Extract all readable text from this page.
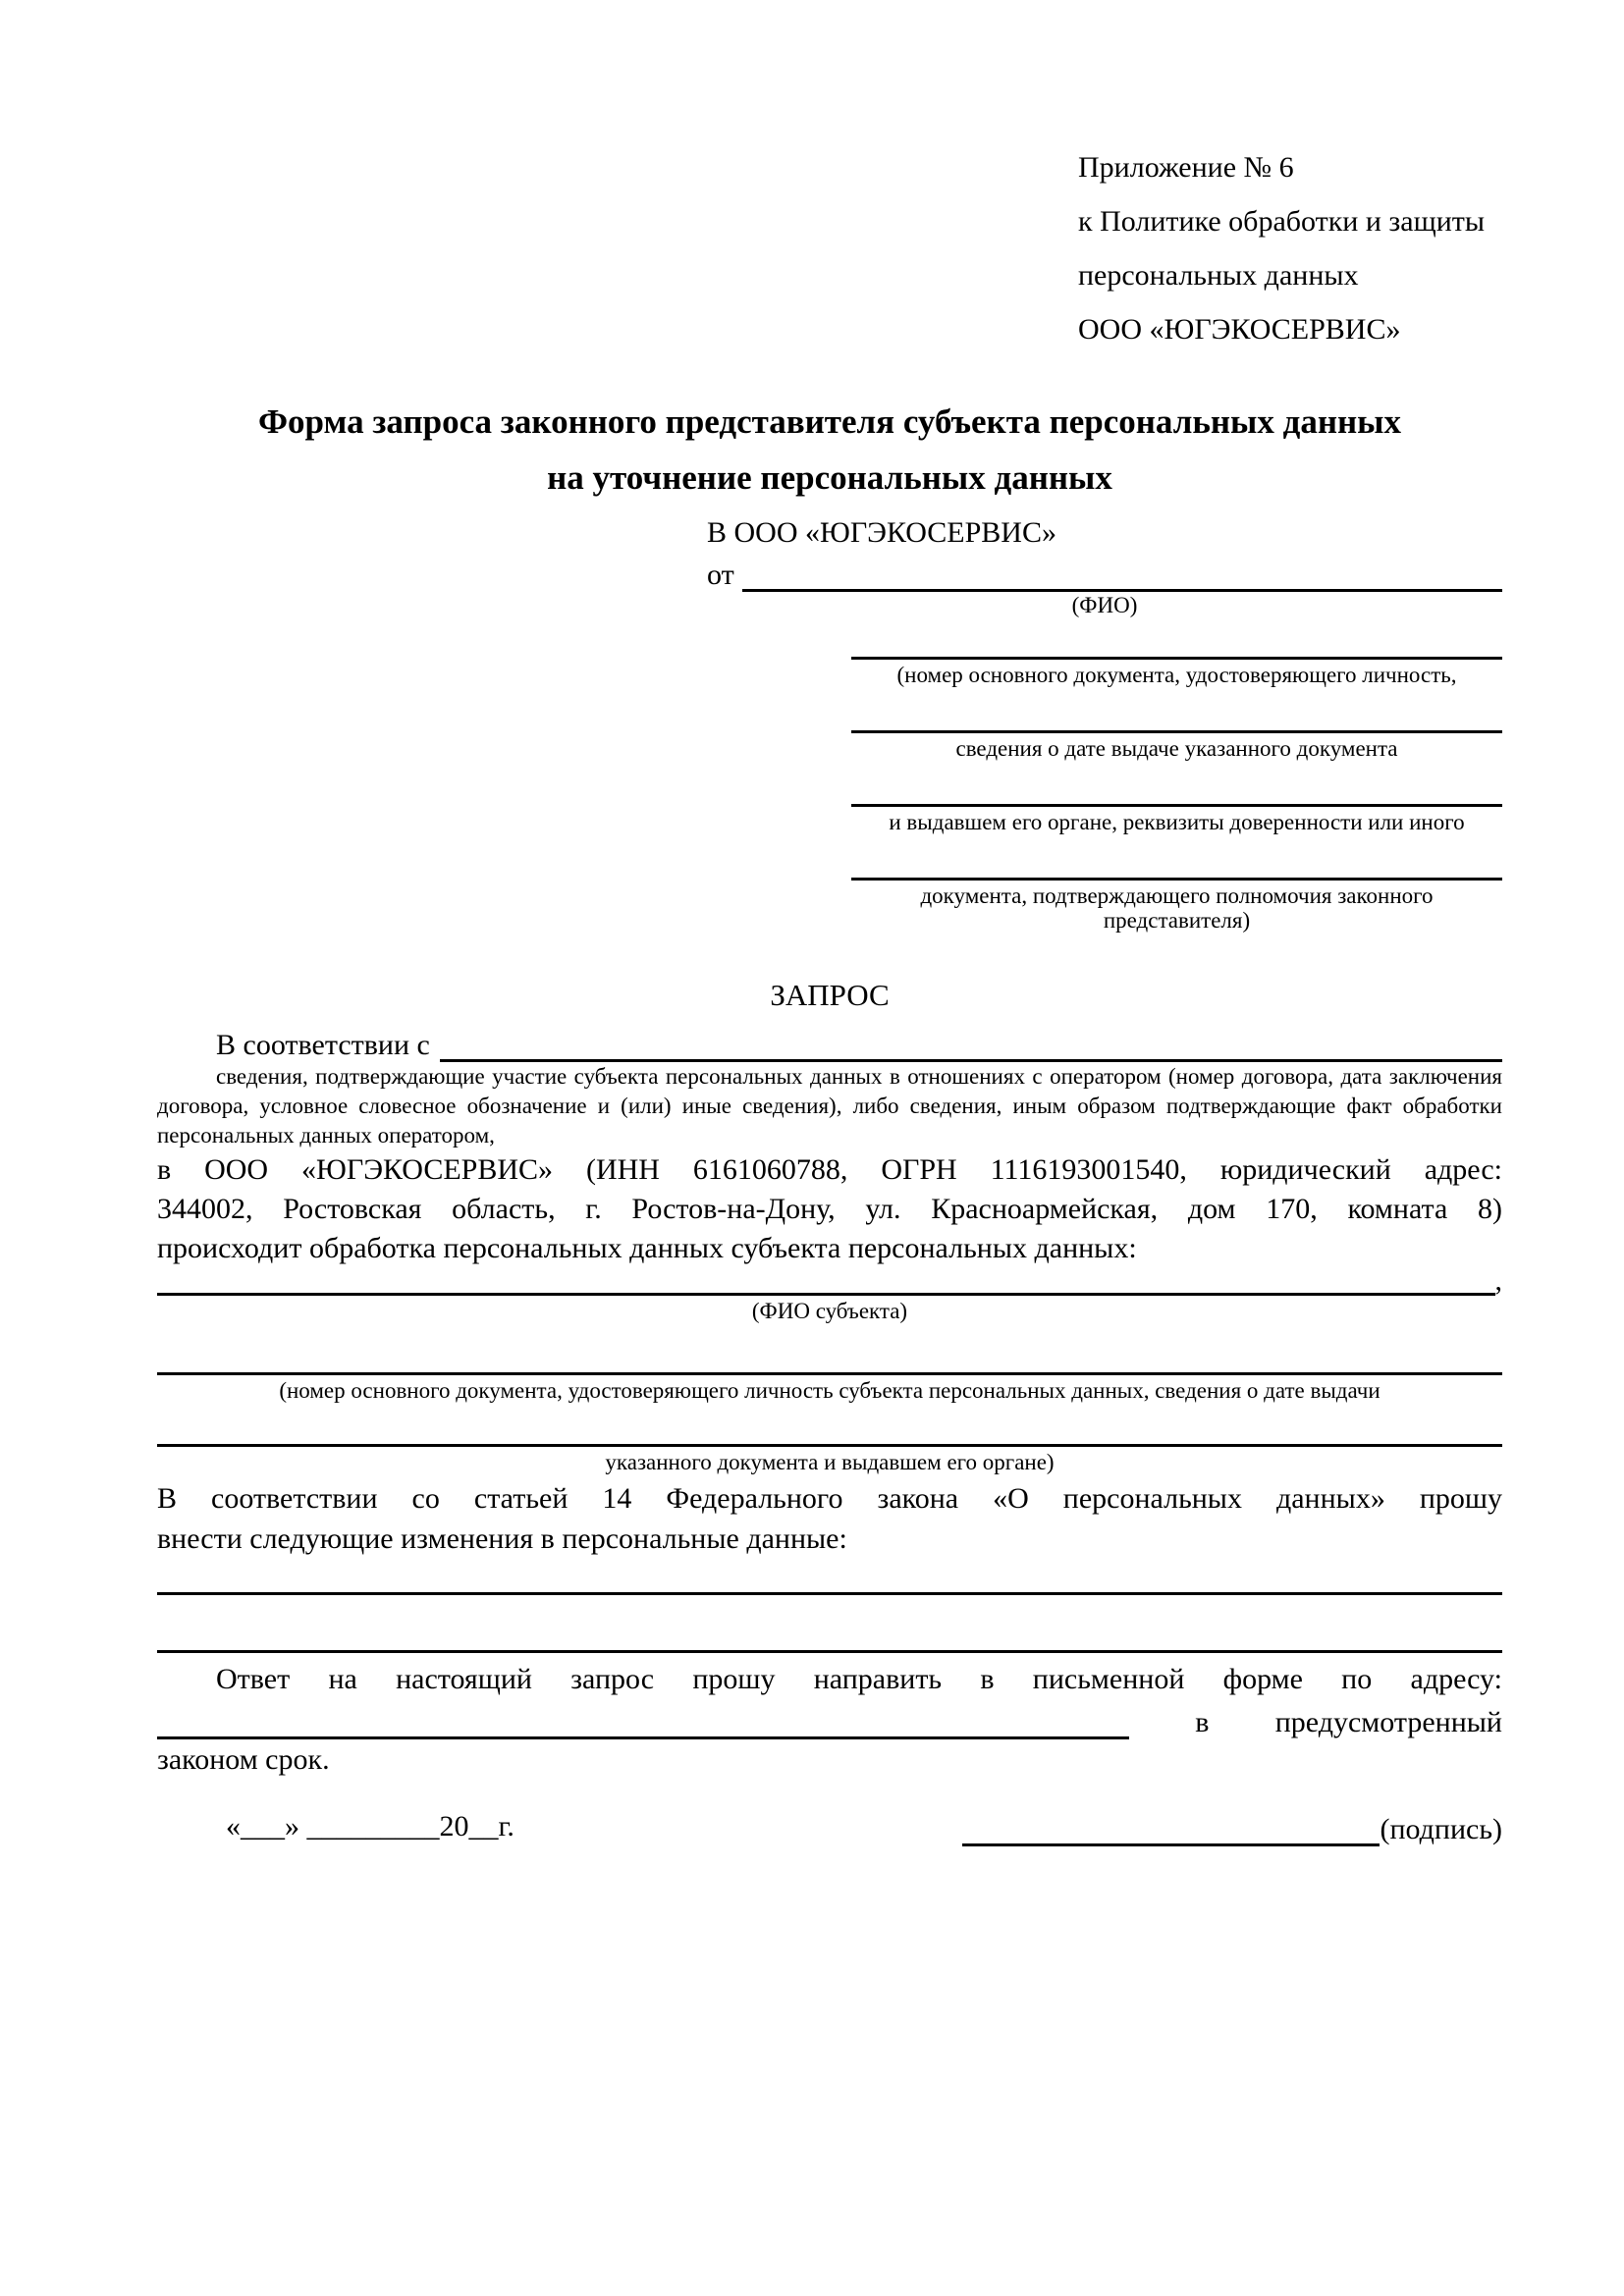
Приложение № 6
к Политике обработки и защиты
персональных данных
ООО «ЮГЭКОСЕРВИС»
Форма запроса законного представителя субъекта персональных данных
на уточнение персональных данных
В ООО «ЮГЭКОСЕРВИС»
от
(ФИО)
(номер основного документа, удостоверяющего личность,
сведения о дате выдаче указанного документа
и выдавшем его органе, реквизиты доверенности или иного
документа, подтверждающего полномочия законного представителя)
ЗАПРОС
В соответствии с
сведения, подтверждающие участие субъекта персональных данных в отношениях с оператором (номер договора, дата заключения договора, условное словесное обозначение и (или) иные сведения), либо сведения, иным образом подтверждающие факт обработки персональных данных оператором,
в ООО «ЮГЭКОСЕРВИС» (ИНН 6161060788, ОГРН 1116193001540, юридический адрес:
344002, Ростовская область, г. Ростов-на-Дону, ул. Красноармейская, дом 170, комната 8)
происходит обработка персональных данных субъекта персональных данных:
,
(ФИО субъекта)
(номер основного документа, удостоверяющего личность субъекта персональных данных, сведения о дате выдачи
указанного документа и выдавшем его органе)
В соответствии со статьей 14 Федерального закона «О персональных данных» прошу
внести следующие изменения в персональные данные:
Ответ на настоящий запрос прошу направить в письменной форме по адресу:
в предусмотренный
законом срок.
«___» _________20__г.	(подпись)
